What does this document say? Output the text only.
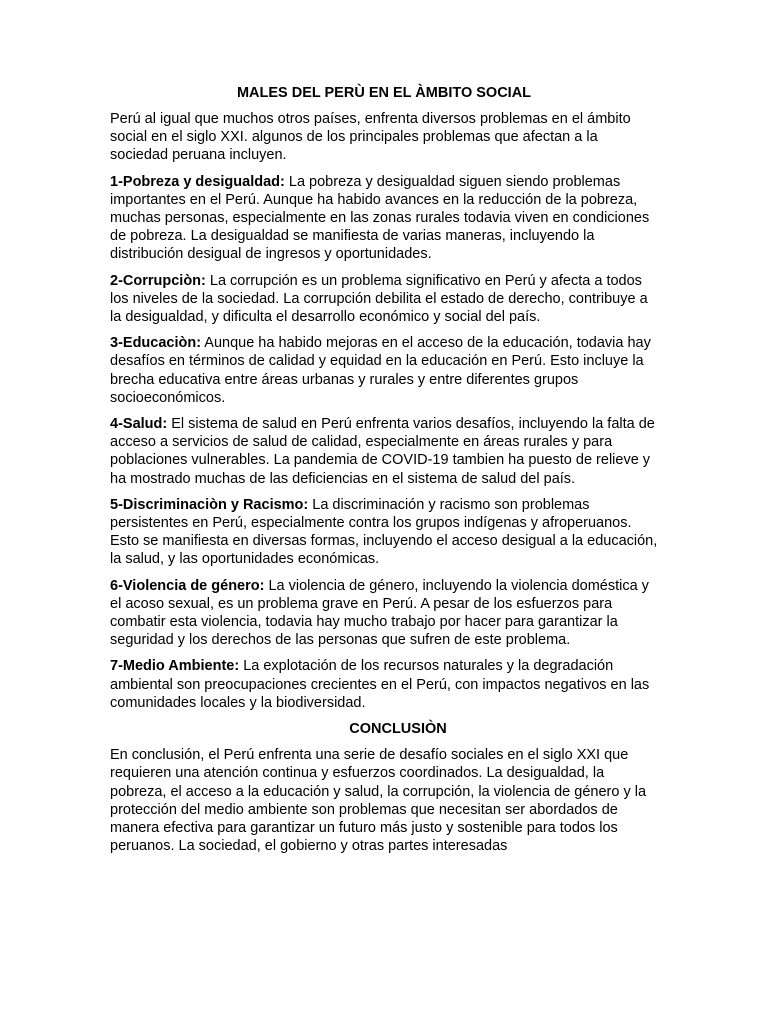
MALES DEL PERÙ EN EL ÀMBITO SOCIAL

Perú al igual que muchos otros países, enfrenta diversos problemas en el ámbito social en el siglo XXI. algunos de los principales problemas que afectan a la sociedad peruana incluyen.

1-Pobreza y desigualdad: La pobreza y desigualdad siguen siendo problemas importantes en el Perú. Aunque ha habido avances en la reducción de la pobreza, muchas personas, especialmente en las zonas rurales todavia viven en condiciones de pobreza. La desigualdad se manifiesta de varias maneras, incluyendo la distribución desigual de ingresos y oportunidades.

2-Corrupciòn: La corrupción es un problema significativo en Perú y afecta a todos los niveles de la sociedad. La corrupción debilita el estado de derecho, contribuye a la desigualdad, y dificulta el desarrollo económico y social del país.

3-Educaciòn: Aunque ha habido mejoras en el acceso de la educación, todavia hay desafíos en términos de calidad y equidad en la educación en Perú. Esto incluye la brecha educativa entre áreas urbanas y rurales y entre diferentes grupos socioeconómicos.

4-Salud: El sistema de salud en Perú enfrenta varios desafíos, incluyendo la falta de acceso a servicios de salud de calidad, especialmente en áreas rurales y para poblaciones vulnerables. La pandemia de COVID-19 tambien ha puesto de relieve y ha mostrado muchas de las deficiencias en el sistema de salud del país.

5-Discriminaciòn y Racismo: La discriminación y racismo son problemas persistentes en Perú, especialmente contra los grupos indígenas y afroperuanos. Esto se manifiesta en diversas formas, incluyendo el acceso desigual a la educación, la salud, y las oportunidades económicas.

6-Violencia de género: La violencia de género, incluyendo la violencia doméstica y el acoso sexual, es un problema grave en Perú. A pesar de los esfuerzos para combatir esta violencia, todavia hay mucho trabajo por hacer para garantizar la seguridad y los derechos de las personas que sufren de este problema.

7-Medio Ambiente: La explotación de los recursos naturales y la degradación ambiental son preocupaciones crecientes en el Perú, con impactos negativos en las comunidades locales y la biodiversidad.

CONCLUSIÒN

En conclusión, el Perú enfrenta una serie de desafío sociales en el siglo XXI que requieren una atención continua y esfuerzos coordinados. La desigualdad, la pobreza, el acceso a la educación y salud, la corrupción, la violencia de género y la protección del medio ambiente son problemas que necesitan ser abordados de manera efectiva para garantizar un futuro más justo y sostenible para todos los peruanos. La sociedad, el gobierno y otras partes interesadas
